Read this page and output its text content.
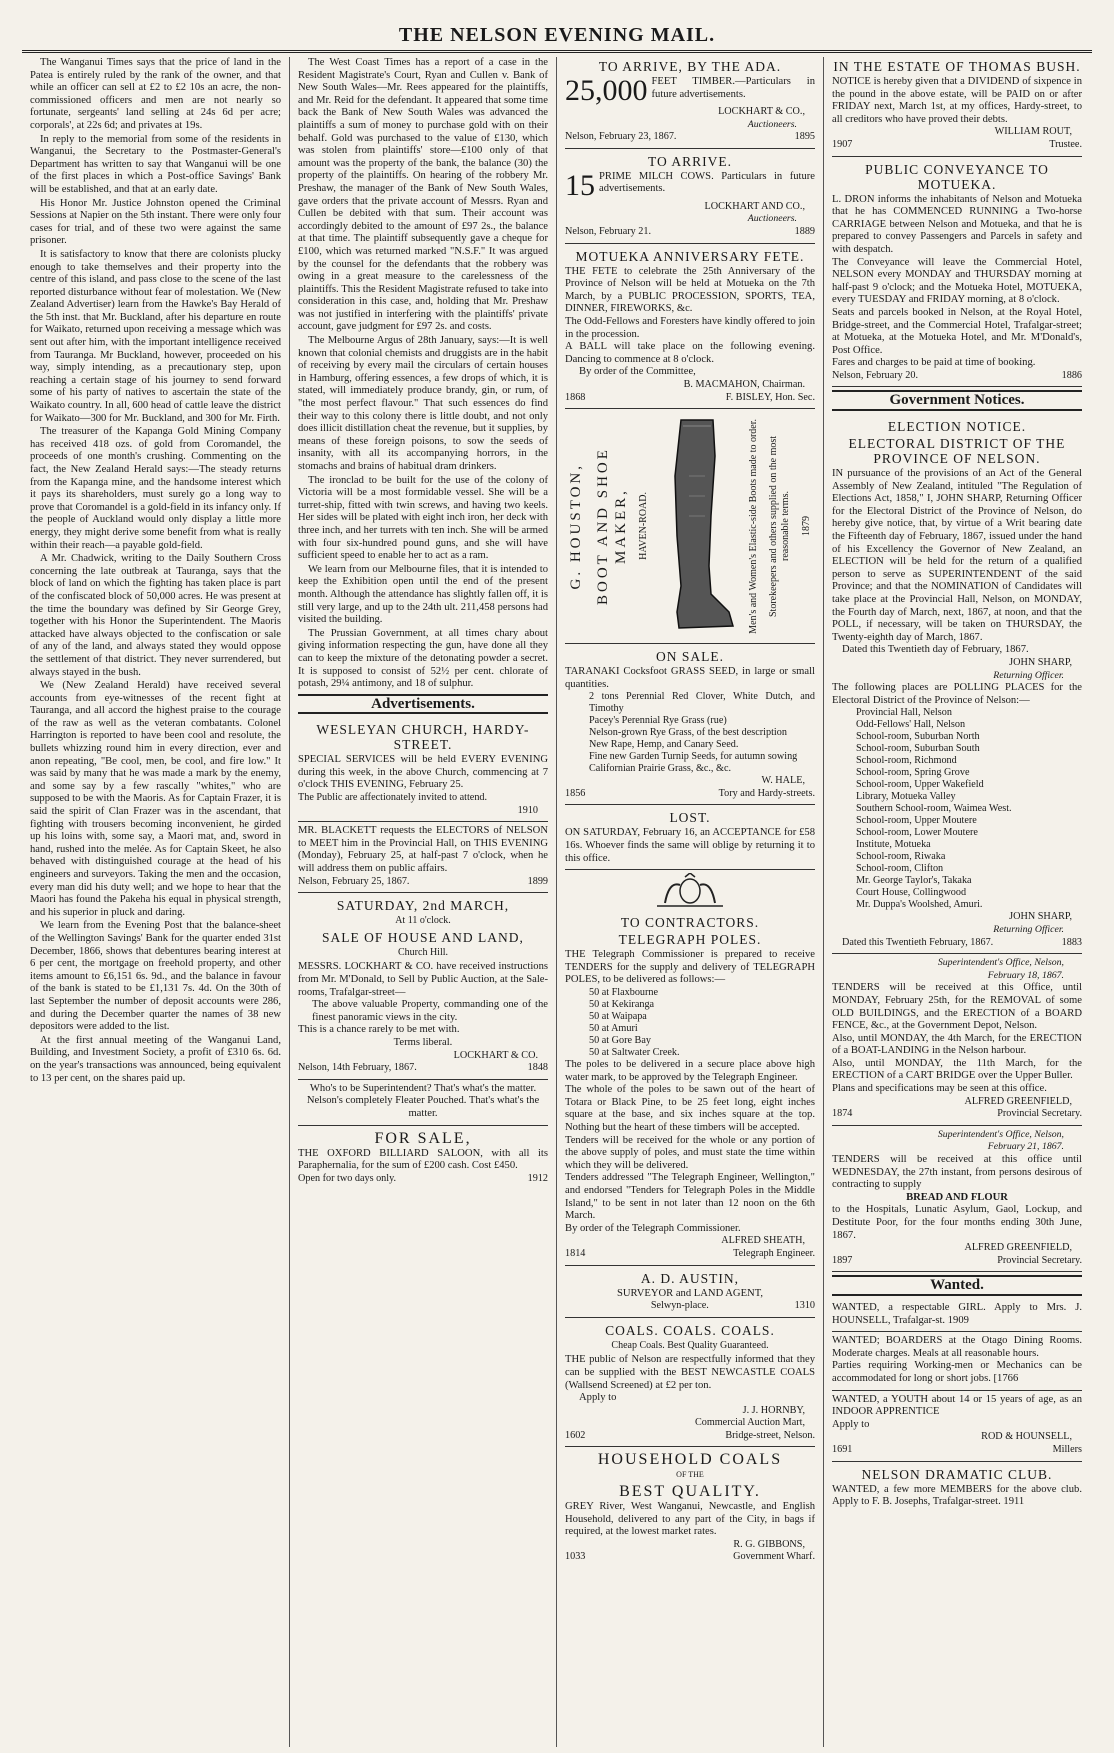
THE NELSON EVENING MAIL.

The Wanganui Times says that the price of land in the Patea is entirely ruled by the rank of the owner, and that while an officer can sell at £2 to £2 10s an acre, the non-commissioned officers and men are not nearly so fortunate, sergeants' land selling at 24s 6d per acre; corporals', at 22s 6d; and privates at 19s.

In reply to the memorial from some of the residents in Wanganui, the Secretary to the Postmaster-General's Department has written to say that Wanganui will be one of the first places in which a Post-office Savings' Bank will be established, and that at an early date.

His Honor Mr. Justice Johnston opened the Criminal Sessions at Napier on the 5th instant. There were only four cases for trial, and of these two were against the same prisoner.

It is satisfactory to know that there are colonists plucky enough to take themselves and their property into the centre of this island, and pass close to the scene of the last reported disturbance without fear of molestation. We (New Zealand Advertiser) learn from the Hawke's Bay Herald of the 5th inst. that Mr. Buckland, after his departure en route for Waikato, returned upon receiving a message which was sent out after him, with the important intelligence received from Tauranga. Mr Buckland, however, proceeded on his way, simply intending, as a precautionary step, upon reaching a certain stage of his journey to send forward some of his party of natives to ascertain the state of the Waikato country. In all, 600 head of cattle leave the district for Waikato—300 for Mr. Buckland, and 300 for Mr. Firth.

The treasurer of the Kapanga Gold Mining Company has received 418 ozs. of gold from Coromandel, the proceeds of one month's crushing. Commenting on the fact, the New Zealand Herald says:—The steady returns from the Kapanga mine, and the handsome interest which it pays its shareholders, must surely go a long way to prove that Coromandel is a gold-field in its infancy only. If the people of Auckland would only display a little more energy, they might derive some benefit from what is really within their reach—a payable gold-field.

A Mr. Chadwick, writing to the Daily Southern Cross concerning the late outbreak at Tauranga, says that the block of land on which the fighting has taken place is part of the confiscated block of 50,000 acres. He was present at the time the boundary was defined by Sir George Grey, together with his Honor the Superintendent. The Maoris attacked have always objected to the confiscation or sale of any of the land, and always stated they would oppose the settlement of that district. They never surrendered, but always stayed in the bush.

We (New Zealand Herald) have received several accounts from eye-witnesses of the recent fight at Tauranga, and all accord the highest praise to the courage of the raw as well as the veteran combatants. Colonel Harrington is reported to have been cool and resolute, the bullets whizzing round him in every direction, ever and anon repeating, "Be cool, men, be cool, and fire low." It was said by many that he was made a mark by the enemy, and some say by a few rascally "whites," who are supposed to be with the Maoris. As for Captain Frazer, it is said the spirit of Clan Frazer was in the ascendant, that fighting with trousers becoming inconvenient, he girded up his loins with, some say, a Maori mat, and, sword in hand, rushed into the melée. As for Captain Skeet, he also behaved with distinguished courage at the head of his engineers and surveyors. Taking the men and the occasion, every man did his duty well; and we hope to hear that the Maori has found the Pakeha his equal in physical strength, and his superior in pluck and daring.

We learn from the Evening Post that the balance-sheet of the Wellington Savings' Bank for the quarter ended 31st December, 1866, shows that debentures bearing interest at 6 per cent, the mortgage on freehold property, and other items amount to £6,151 6s. 9d., and the balance in favour of the bank is stated to be £1,131 7s. 4d. On the 30th of last September the number of deposit accounts were 286, and during the December quarter the names of 38 new depositors were added to the list.

At the first annual meeting of the Wanganui Land, Building, and Investment Society, a profit of £310 6s. 6d. on the year's transactions was announced, being equivalent to 13 per cent, on the shares paid up.

The West Coast Times has a report of a case in the Resident Magistrate's Court, Ryan and Cullen v. Bank of New South Wales—Mr. Rees appeared for the plaintiffs, and Mr. Reid for the defendant. It appeared that some time back the Bank of New South Wales was advanced the plaintiffs a sum of money to purchase gold with on their behalf. Gold was purchased to the value of £130, which was stolen from plaintiffs' store—£100 only of that amount was the property of the bank, the balance (30) the property of the plaintiffs. On hearing of the robbery Mr. Preshaw, the manager of the Bank of New South Wales, gave orders that the private account of Messrs. Ryan and Cullen be debited with that sum. Their account was accordingly debited to the amount of £97 2s., the balance at that time. The plaintiff subsequently gave a cheque for £100, which was returned marked "N.S.F." It was argued by the counsel for the defendants that the robbery was owing in a great measure to the carelessness of the plaintiffs. This the Resident Magistrate refused to take into consideration in this case, and, holding that Mr. Preshaw was not justified in interfering with the plaintiffs' private account, gave judgment for £97 2s. and costs.

The Melbourne Argus of 28th January, says:—It is well known that colonial chemists and druggists are in the habit of receiving by every mail the circulars of certain houses in Hamburg, offering essences, a few drops of which, it is stated, will immediately produce brandy, gin, or rum, of "the most perfect flavour." That such essences do find their way to this colony there is little doubt, and not only does illicit distillation cheat the revenue, but it supplies, by means of these foreign poisons, to sow the seeds of insanity, with all its accompanying horrors, in the stomachs and brains of habitual dram drinkers.

The ironclad to be built for the use of the colony of Victoria will be a most formidable vessel. She will be a turret-ship, fitted with twin screws, and having two keels. Her sides will be plated with eight inch iron, her deck with three inch, and her turrets with ten inch. She will be armed with four six-hundred pound guns, and she will have sufficient speed to enable her to act as a ram.

We learn from our Melbourne files, that it is intended to keep the Exhibition open until the end of the present month. Although the attendance has slightly fallen off, it is still very large, and up to the 24th ult. 211,458 persons had visited the building.

The Prussian Government, at all times chary about giving information respecting the gun, have done all they can to keep the mixture of the detonating powder a secret. It is supposed to consist of 52½ per cent. chlorate of potash, 29¼ antimony, and 18 of sulphur.

Advertisements.
WESLEYAN CHURCH, HARDY-STREET.
SPECIAL SERVICES will be held EVERY EVENING during this week, in the above Church, commencing at 7 o'clock THIS EVENING, February 25.
The Public are affectionately invited to attend.
1910
MR. BLACKETT requests the ELECTORS of NELSON to MEET him in the Provincial Hall, on THIS EVENING (Monday), February 25, at half-past 7 o'clock, when he will address them on public affairs.
Nelson, February 25, 1867.	1899
SATURDAY, 2nd MARCH,
At 11 o'clock.
SALE OF HOUSE AND LAND,
Church Hill.
MESSRS. LOCKHART & CO. have received instructions from Mr. M'Donald, to Sell by Public Auction, at the Sale-rooms, Trafalgar-street—
The above valuable Property, commanding one of the finest panoramic views in the city.
This is a chance rarely to be met with.
Terms liberal.
LOCKHART & CO.
Nelson, 14th February, 1867.	1848
Who's to be Superintendent? That's what's the matter.
Nelson's completely Fleater Pouched. That's what's the matter.
FOR SALE,
THE OXFORD BILLIARD SALOON, with all its Paraphernalia, for the sum of £200 cash. Cost £450.
Open for two days only.	1912
TO ARRIVE, BY THE ADA.
25,000 FEET TIMBER.—Particulars in future advertisements.
LOCKHART & CO.,
Auctioneers.
Nelson, February 23, 1867.	1895
TO ARRIVE.
15 PRIME MILCH COWS. Particulars in future advertisements.
LOCKHART AND CO.,
Auctioneers.
Nelson, February 21.	1889
MOTUEKA ANNIVERSARY FETE.
THE FETE to celebrate the 25th Anniversary of the Province of Nelson will be held at Motueka on the 7th March, by a PUBLIC PROCESSION, SPORTS, TEA, DINNER, FIREWORKS, &c.
The Odd-Fellows and Foresters have kindly offered to join in the procession.
A BALL will take place on the following evening. Dancing to commence at 8 o'clock.
By order of the Committee,
B. MACMAHON, Chairman.
1868	F. BISLEY, Hon. Sec.
G. HOUSTON, BOOT AND SHOE MAKER, HAVEN-ROAD.	Men's and Women's Elastic-side Boots made to order. Storekeepers and others supplied on the most reasonable terms. 1879
ON SALE.
TARANAKI Cocksfoot GRASS SEED, in large or small quantities.
2 tons Perennial Red Clover, White Dutch, and Timothy
Pacey's Perennial Rye Grass (rue)
Nelson-grown Rye Grass, of the best description
New Rape, Hemp, and Canary Seed.
Fine new Garden Turnip Seeds, for autumn sowing
Californian Prairie Grass, &c., &c.
W. HALE,
1856	Tory and Hardy-streets.
LOST.
ON SATURDAY, February 16, an ACCEPTANCE for £58 16s. Whoever finds the same will oblige by returning it to this office.
TO CONTRACTORS.
TELEGRAPH POLES.
THE Telegraph Commissioner is prepared to receive TENDERS for the supply and delivery of TELEGRAPH POLES, to be delivered as follows:—
50 at Flaxbourne
50 at Kekiranga
50 at Waipapa
50 at Amuri
50 at Gore Bay
50 at Saltwater Creek.
The poles to be delivered in a secure place above high water mark, to be approved by the Telegraph Engineer.
The whole of the poles to be sawn out of the heart of Totara or Black Pine, to be 25 feet long, eight inches square at the base, and six inches square at the top. Nothing but the heart of these timbers will be accepted.
Tenders will be received for the whole or any portion of the above supply of poles, and must state the time within which they will be delivered.
Tenders addressed "The Telegraph Engineer, Wellington," and endorsed "Tenders for Telegraph Poles in the Middle Island," to be sent in not later than 12 noon on the 6th March.
By order of the Telegraph Commissioner.
ALFRED SHEATH,
1814	Telegraph Engineer.
A. D. AUSTIN,
SURVEYOR and LAND AGENT,
Selwyn-place.	1310
COALS. COALS. COALS.
Cheap Coals. Best Quality Guaranteed.
THE public of Nelson are respectfully informed that they can be supplied with the BEST NEWCASTLE COALS (Wallsend Screened) at £2 per ton.
Apply to
J. J. HORNBY,
Commercial Auction Mart,
1602	Bridge-street, Nelson.
HOUSEHOLD COALS
OF THE
BEST QUALITY.
GREY River, West Wanganui, Newcastle, and English Household, delivered to any part of the City, in bags if required, at the lowest market rates.
R. G. GIBBONS,
1033	Government Wharf.
IN THE ESTATE OF THOMAS BUSH.
NOTICE is hereby given that a DIVIDEND of sixpence in the pound in the above estate, will be PAID on or after FRIDAY next, March 1st, at my offices, Hardy-street, to all creditors who have proved their debts.
WILLIAM ROUT,
1907	Trustee.
PUBLIC CONVEYANCE TO MOTUEKA.
L. DRON informs the inhabitants of Nelson and Motueka that he has COMMENCED RUNNING a Two-horse CARRIAGE between Nelson and Motueka, and that he is prepared to convey Passengers and Parcels in safety and with despatch.
The Conveyance will leave the Commercial Hotel, NELSON every MONDAY and THURSDAY morning at half-past 9 o'clock; and the Motueka Hotel, MOTUEKA, every TUESDAY and FRIDAY morning, at 8 o'clock.
Seats and parcels booked in Nelson, at the Royal Hotel, Bridge-street, and the Commercial Hotel, Trafalgar-street; at Motueka, at the Motueka Hotel, and Mr. M'Donald's, Post Office.
Fares and charges to be paid at time of booking.
Nelson, February 20.	1886
Government Notices.
ELECTION NOTICE.
ELECTORAL DISTRICT OF THE PROVINCE OF NELSON.
IN pursuance of the provisions of an Act of the General Assembly of New Zealand, intituled "The Regulation of Elections Act, 1858," I, JOHN SHARP, Returning Officer for the Electoral District of the Province of Nelson, do hereby give notice, that, by virtue of a Writ bearing date the Fifteenth day of February, 1867, issued under the hand of his Excellency the Governor of New Zealand, an ELECTION will be held for the return of a qualified person to serve as SUPERINTENDENT of the said Province; and that the NOMINATION of Candidates will take place at the Provincial Hall, Nelson, on MONDAY, the Fourth day of March, next, 1867, at noon, and that the POLL, if necessary, will be taken on THURSDAY, the Twenty-eighth day of March, 1867.
Dated this Twentieth day of February, 1867.
JOHN SHARP,
Returning Officer.
The following places are POLLING PLACES for the Electoral District of the Province of Nelson:—
Provincial Hall, Nelson
Odd-Fellows' Hall, Nelson
School-room, Suburban North
School-room, Suburban South
School-room, Richmond
School-room, Spring Grove
School-room, Upper Wakefield
Library, Motueka Valley
Southern School-room, Waimea West.
School-room, Upper Moutere
School-room, Lower Moutere
Institute, Motueka
School-room, Riwaka
School-room, Clifton
Mr. George Taylor's, Takaka
Court House, Collingwood
Mr. Duppa's Woolshed, Amuri.
JOHN SHARP,
Returning Officer.
Dated this Twentieth February, 1867.	1883
Superintendent's Office, Nelson,
February 18, 1867.
TENDERS will be received at this Office, until MONDAY, February 25th, for the REMOVAL of some OLD BUILDINGS, and the ERECTION of a BOARD FENCE, &c., at the Government Depot, Nelson.
Also, until MONDAY, the 4th March, for the ERECTION of a BOAT-LANDING in the Nelson harbour.
Also, until MONDAY, the 11th March, for the ERECTION of a CART BRIDGE over the Upper Buller.
Plans and specifications may be seen at this office.
ALFRED GREENFIELD,
1874	Provincial Secretary.
Superintendent's Office, Nelson,
February 21, 1867.
TENDERS will be received at this office until WEDNESDAY, the 27th instant, from persons desirous of contracting to supply
BREAD AND FLOUR
to the Hospitals, Lunatic Asylum, Gaol, Lockup, and Destitute Poor, for the four months ending 30th June, 1867.
ALFRED GREENFIELD,
1897	Provincial Secretary.
Wanted.
WANTED, a respectable GIRL. Apply to Mrs. J. HOUNSELL, Trafalgar-st. 1909
WANTED; BOARDERS at the Otago Dining Rooms. Moderate charges. Meals at all reasonable hours.
Parties requiring Working-men or Mechanics can be accommodated for long or short jobs. [1766
WANTED, a YOUTH about 14 or 15 years of age, as an INDOOR APPRENTICE
Apply to
ROD & HOUNSELL,
1691	Millers
NELSON DRAMATIC CLUB.
WANTED, a few more MEMBERS for the above club. Apply to F. B. Josephs, Trafalgar-street. 1911
